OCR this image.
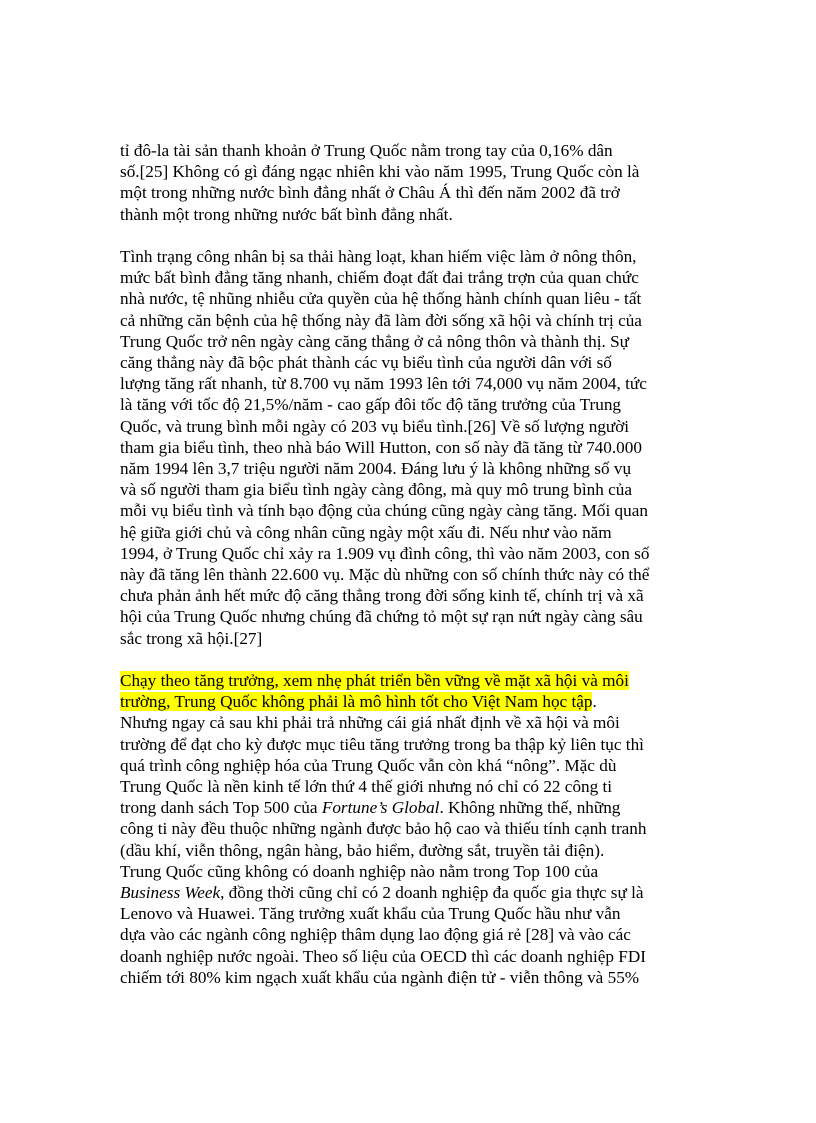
tỉ đô-la tài sản thanh khoản ở Trung Quốc nằm trong tay của 0,16% dân
số.[25] Không có gì đáng ngạc nhiên khi vào năm 1995, Trung Quốc còn là
một trong những nước bình đẳng nhất ở Châu Á thì đến năm 2002 đã trở
thành một trong những nước bất bình đẳng nhất.

Tình trạng công nhân bị sa thải hàng loạt, khan hiếm việc làm ở nông thôn,
mức bất bình đẳng tăng nhanh, chiếm đoạt đất đai trắng trợn của quan chức
nhà nước, tệ nhũng nhiễu cửa quyền của hệ thống hành chính quan liêu - tất
cả những căn bệnh của hệ thống này đã làm đời sống xã hội và chính trị của
Trung Quốc trở nên ngày càng căng thẳng ở cả nông thôn và thành thị. Sự
căng thẳng này đã bộc phát thành các vụ biểu tình của người dân với số
lượng tăng rất nhanh, từ 8.700 vụ năm 1993 lên tới 74,000 vụ năm 2004, tức
là tăng với tốc độ 21,5%/năm - cao gấp đôi tốc độ tăng trưởng của Trung
Quốc, và trung bình mỗi ngày có 203 vụ biểu tình.[26] Về số lượng người
tham gia biểu tình, theo nhà báo Will Hutton, con số này đã tăng từ 740.000
năm 1994 lên 3,7 triệu người năm 2004. Đáng lưu ý là không những số vụ
và số người tham gia biểu tình ngày càng đông, mà quy mô trung bình của
mỗi vụ biểu tình và tính bạo động của chúng cũng ngày càng tăng. Mối quan
hệ giữa giới chủ và công nhân cũng ngày một xấu đi. Nếu như vào năm
1994, ở Trung Quốc chỉ xảy ra 1.909 vụ đình công, thì vào năm 2003, con số
này đã tăng lên thành 22.600 vụ. Mặc dù những con số chính thức này có thể
chưa phản ảnh hết mức độ căng thẳng trong đời sống kinh tế, chính trị và xã
hội của Trung Quốc nhưng chúng đã chứng tỏ một sự rạn nứt ngày càng sâu
sắc trong xã hội.[27]

Chạy theo tăng trưởng, xem nhẹ phát triển bền vững về mặt xã hội và môi
trường, Trung Quốc không phải là mô hình tốt cho Việt Nam học tập.
Nhưng ngay cả sau khi phải trả những cái giá nhất định về xã hội và môi
trường để đạt cho kỳ được mục tiêu tăng trưởng trong ba thập kỷ liên tục thì
quá trình công nghiệp hóa của Trung Quốc vẫn còn khá “nông”. Mặc dù
Trung Quốc là nền kinh tế lớn thứ 4 thế giới nhưng nó chỉ có 22 công ti
trong danh sách Top 500 của Fortune’s Global. Không những thế, những
công ti này đều thuộc những ngành được bảo hộ cao và thiếu tính cạnh tranh
(dầu khí, viễn thông, ngân hàng, bảo hiểm, đường sắt, truyền tải điện).
Trung Quốc cũng không có doanh nghiệp nào nằm trong Top 100 của
Business Week, đồng thời cũng chỉ có 2 doanh nghiệp đa quốc gia thực sự là
Lenovo và Huawei. Tăng trưởng xuất khẩu của Trung Quốc hầu như vẫn
dựa vào các ngành công nghiệp thâm dụng lao động giá rẻ [28] và vào các
doanh nghiệp nước ngoài. Theo số liệu của OECD thì các doanh nghiệp FDI
chiếm tới 80% kim ngạch xuất khẩu của ngành điện tử - viễn thông và 55%
